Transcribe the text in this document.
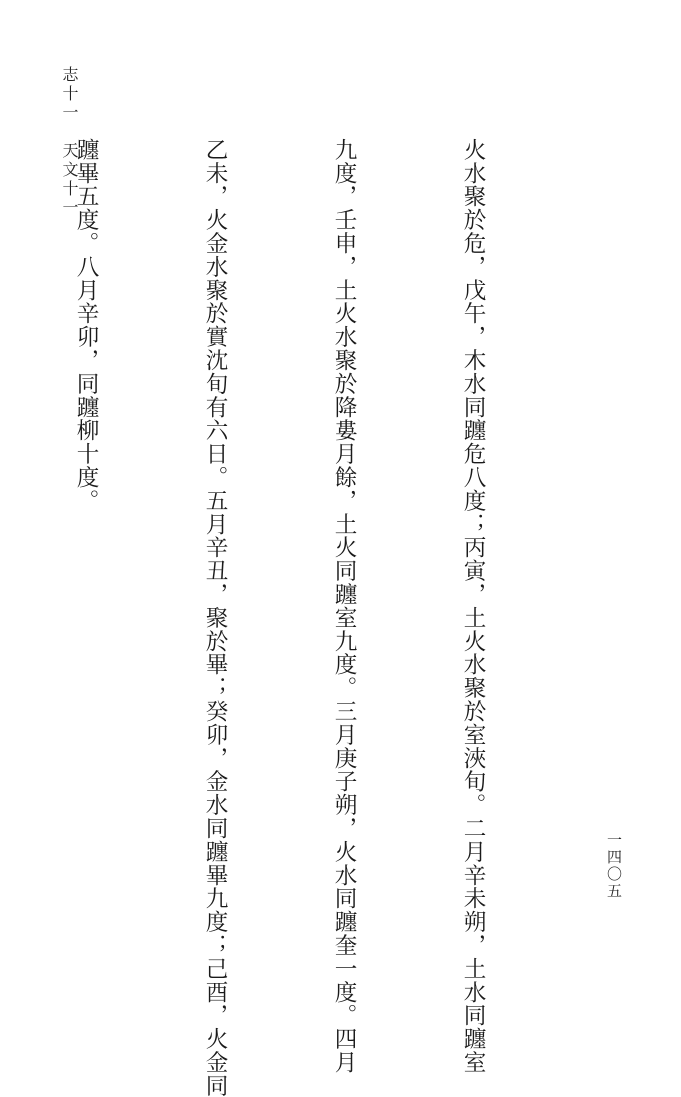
火水聚於危，戊午，木水同躔危八度；丙寅，土火水聚於室浹旬。二月辛未朔，土水同躔室

九度，壬申，土火水聚於降婁月餘，土火同躔室九度。三月庚子朔，火水同躔奎一度。四月

乙未，火金水聚於實沈旬有六日。五月辛丑，聚於畢；癸卯，金水同躔畢九度；己酉，火金同

躔畢五度。八月辛卯，同躔柳十度。

志十一　天文十一
一四〇五
